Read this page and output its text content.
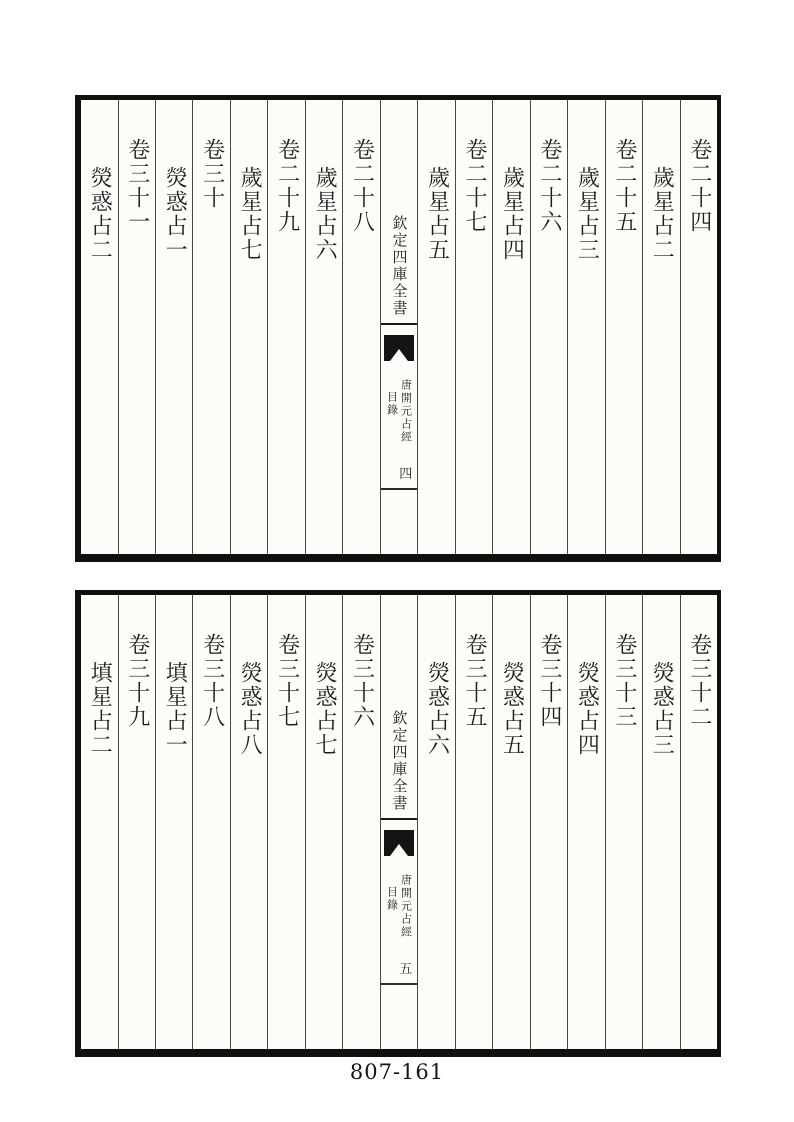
卷二十四
歲星占二
卷二十五
歲星占三
卷二十六
歲星占四
卷二十七
歲星占五
欽定四庫全書
唐開元占經
目錄
四
卷二十八
歲星占六
卷二十九
歲星占七
卷三十
熒惑占一
卷三十一
熒惑占二
卷三十二
熒惑占三
卷三十三
熒惑占四
卷三十四
熒惑占五
卷三十五
熒惑占六
欽定四庫全書
唐開元占經
目錄
五
卷三十六
熒惑占七
卷三十七
熒惑占八
卷三十八
填星占一
卷三十九
填星占二
807-161
